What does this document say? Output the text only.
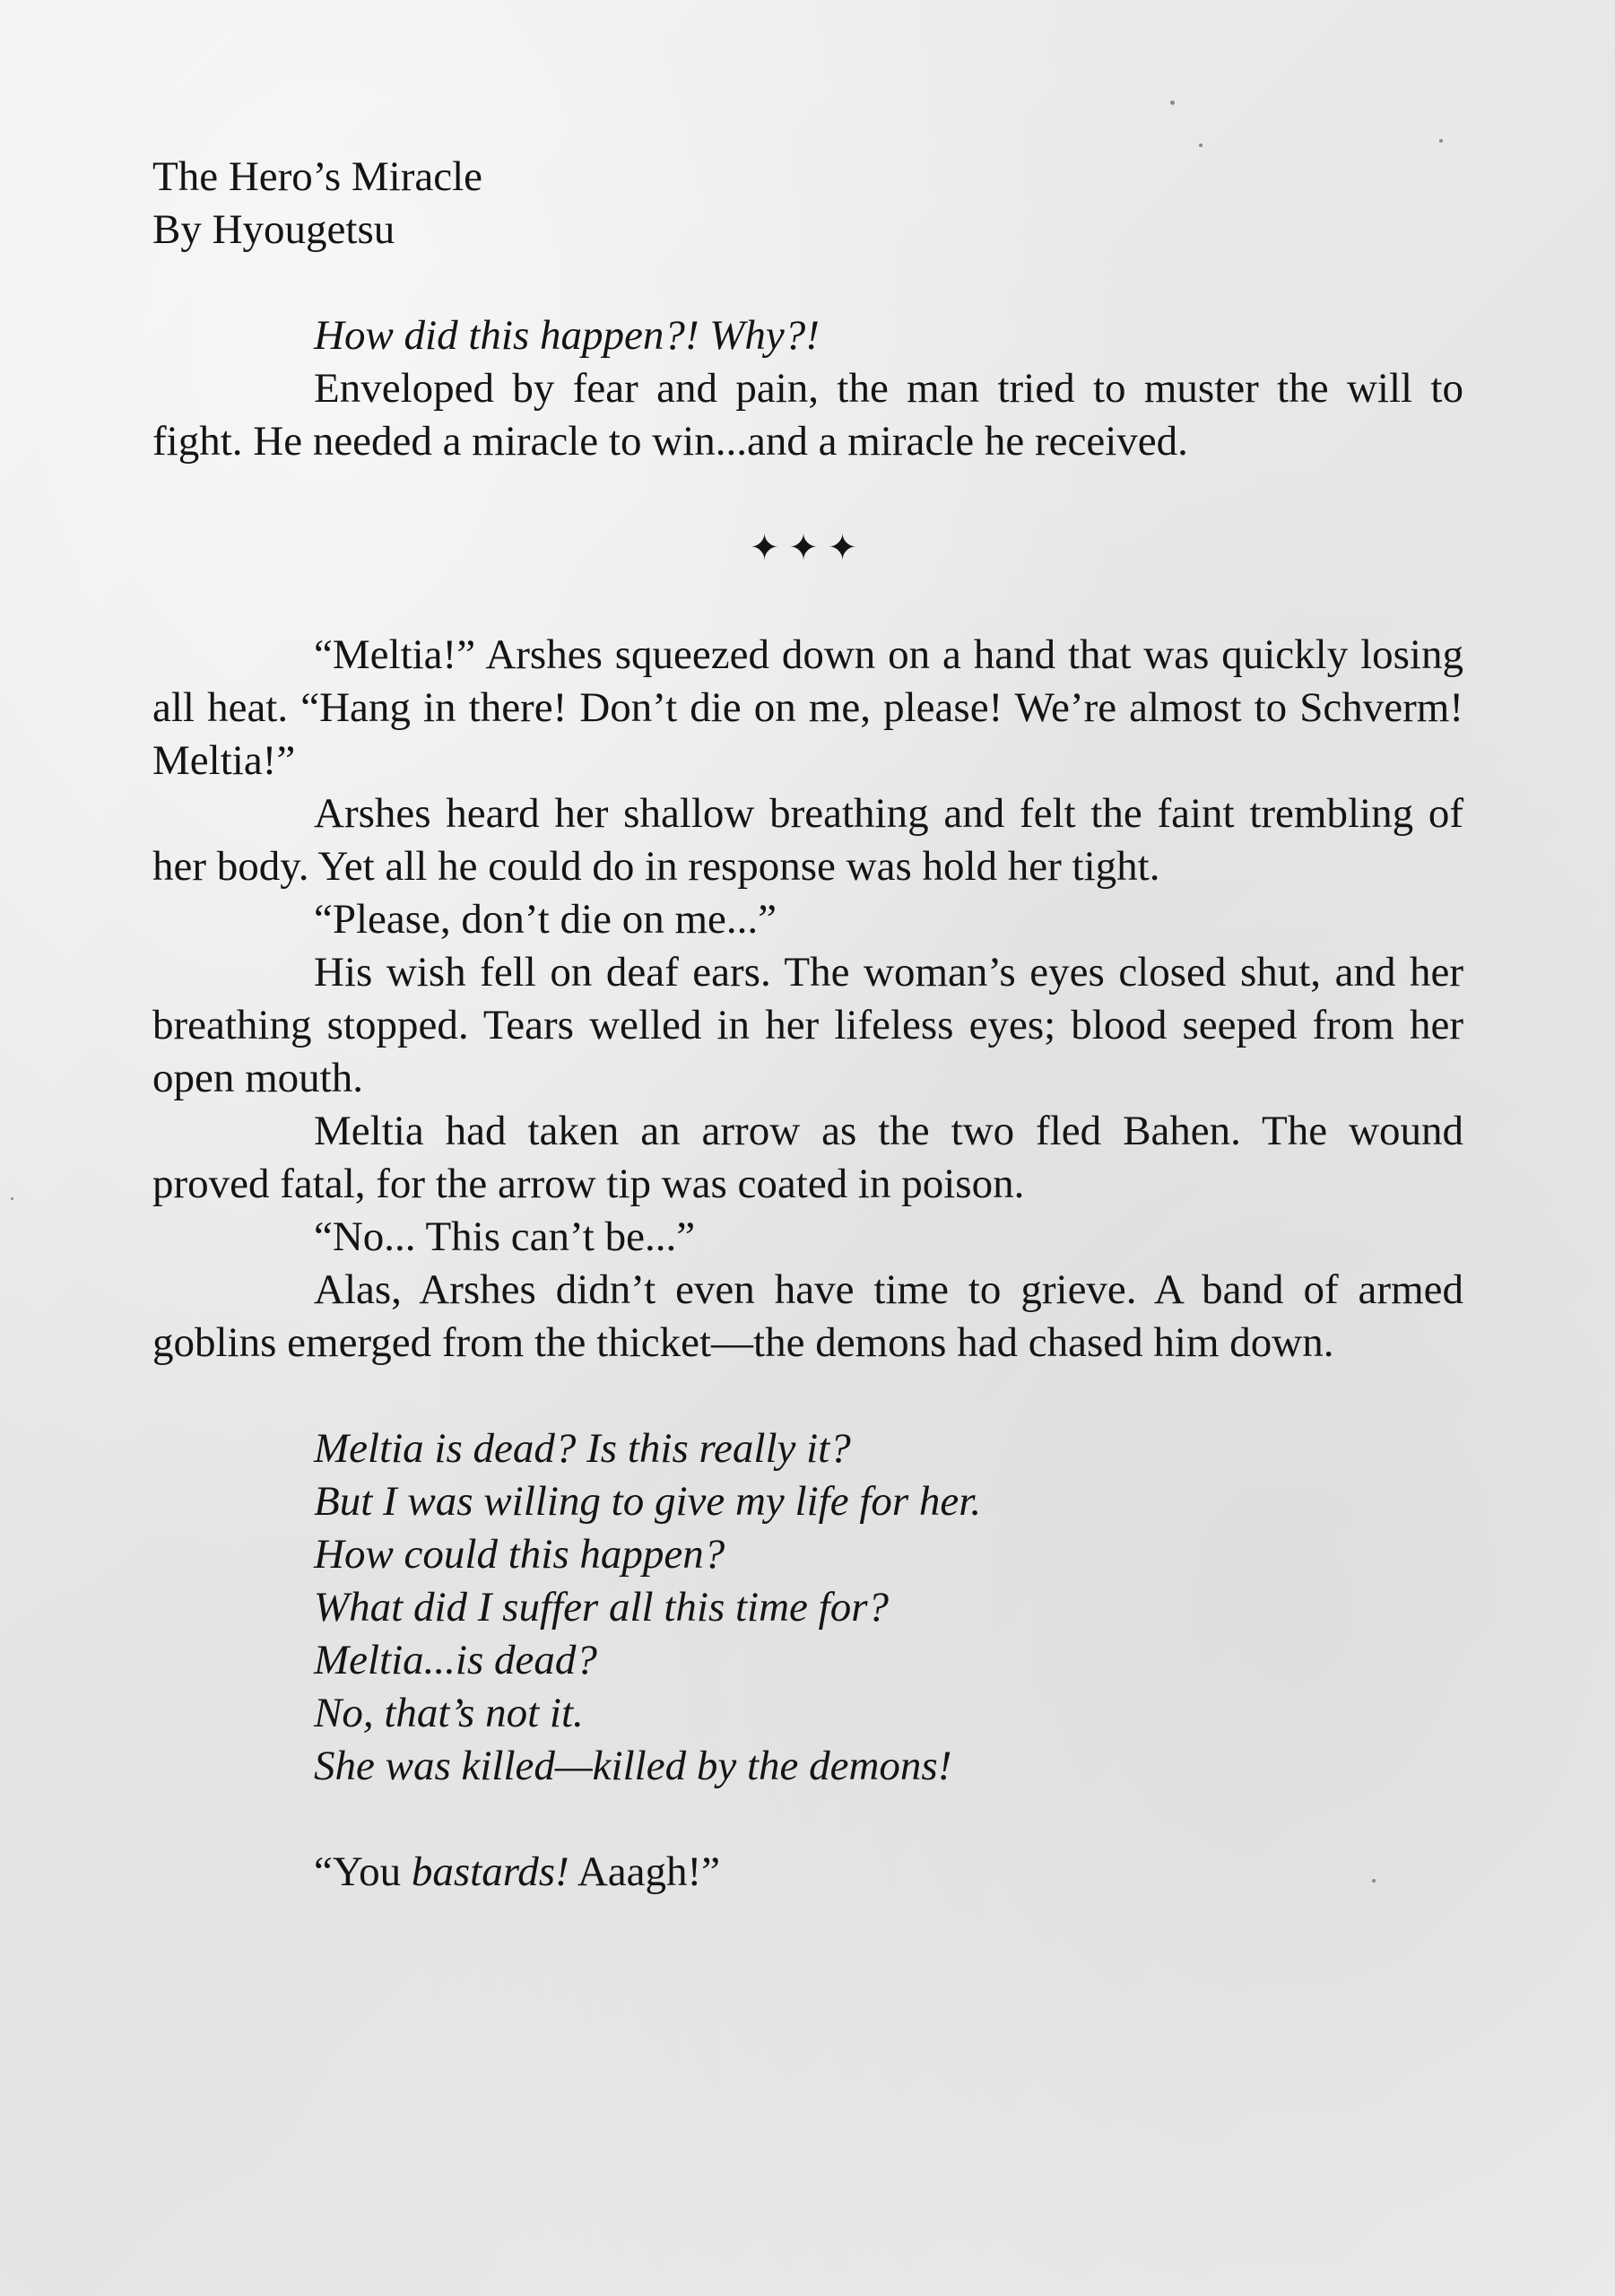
The Hero’s Miracle

By Hyougetsu

How did this happen?! Why?!

Enveloped by fear and pain, the man tried to muster the will to fight. He needed a miracle to win...and a miracle he received.

✦✦✦

“Meltia!” Arshes squeezed down on a hand that was quickly losing all heat. “Hang in there! Don’t die on me, please! We’re almost to Schverm! Meltia!”

Arshes heard her shallow breathing and felt the faint trembling of her body. Yet all he could do in response was hold her tight.

“Please, don’t die on me...”

His wish fell on deaf ears. The woman’s eyes closed shut, and her breathing stopped. Tears welled in her lifeless eyes; blood seeped from her open mouth.

Meltia had taken an arrow as the two fled Bahen. The wound proved fatal, for the arrow tip was coated in poison.

“No... This can’t be...”

Alas, Arshes didn’t even have time to grieve. A band of armed goblins emerged from the thicket—the demons had chased him down.

Meltia is dead? Is this really it?

But I was willing to give my life for her.

How could this happen?

What did I suffer all this time for?

Meltia...is dead?

No, that’s not it.

She was killed—killed by the demons!

“You bastards! Aaagh!”
